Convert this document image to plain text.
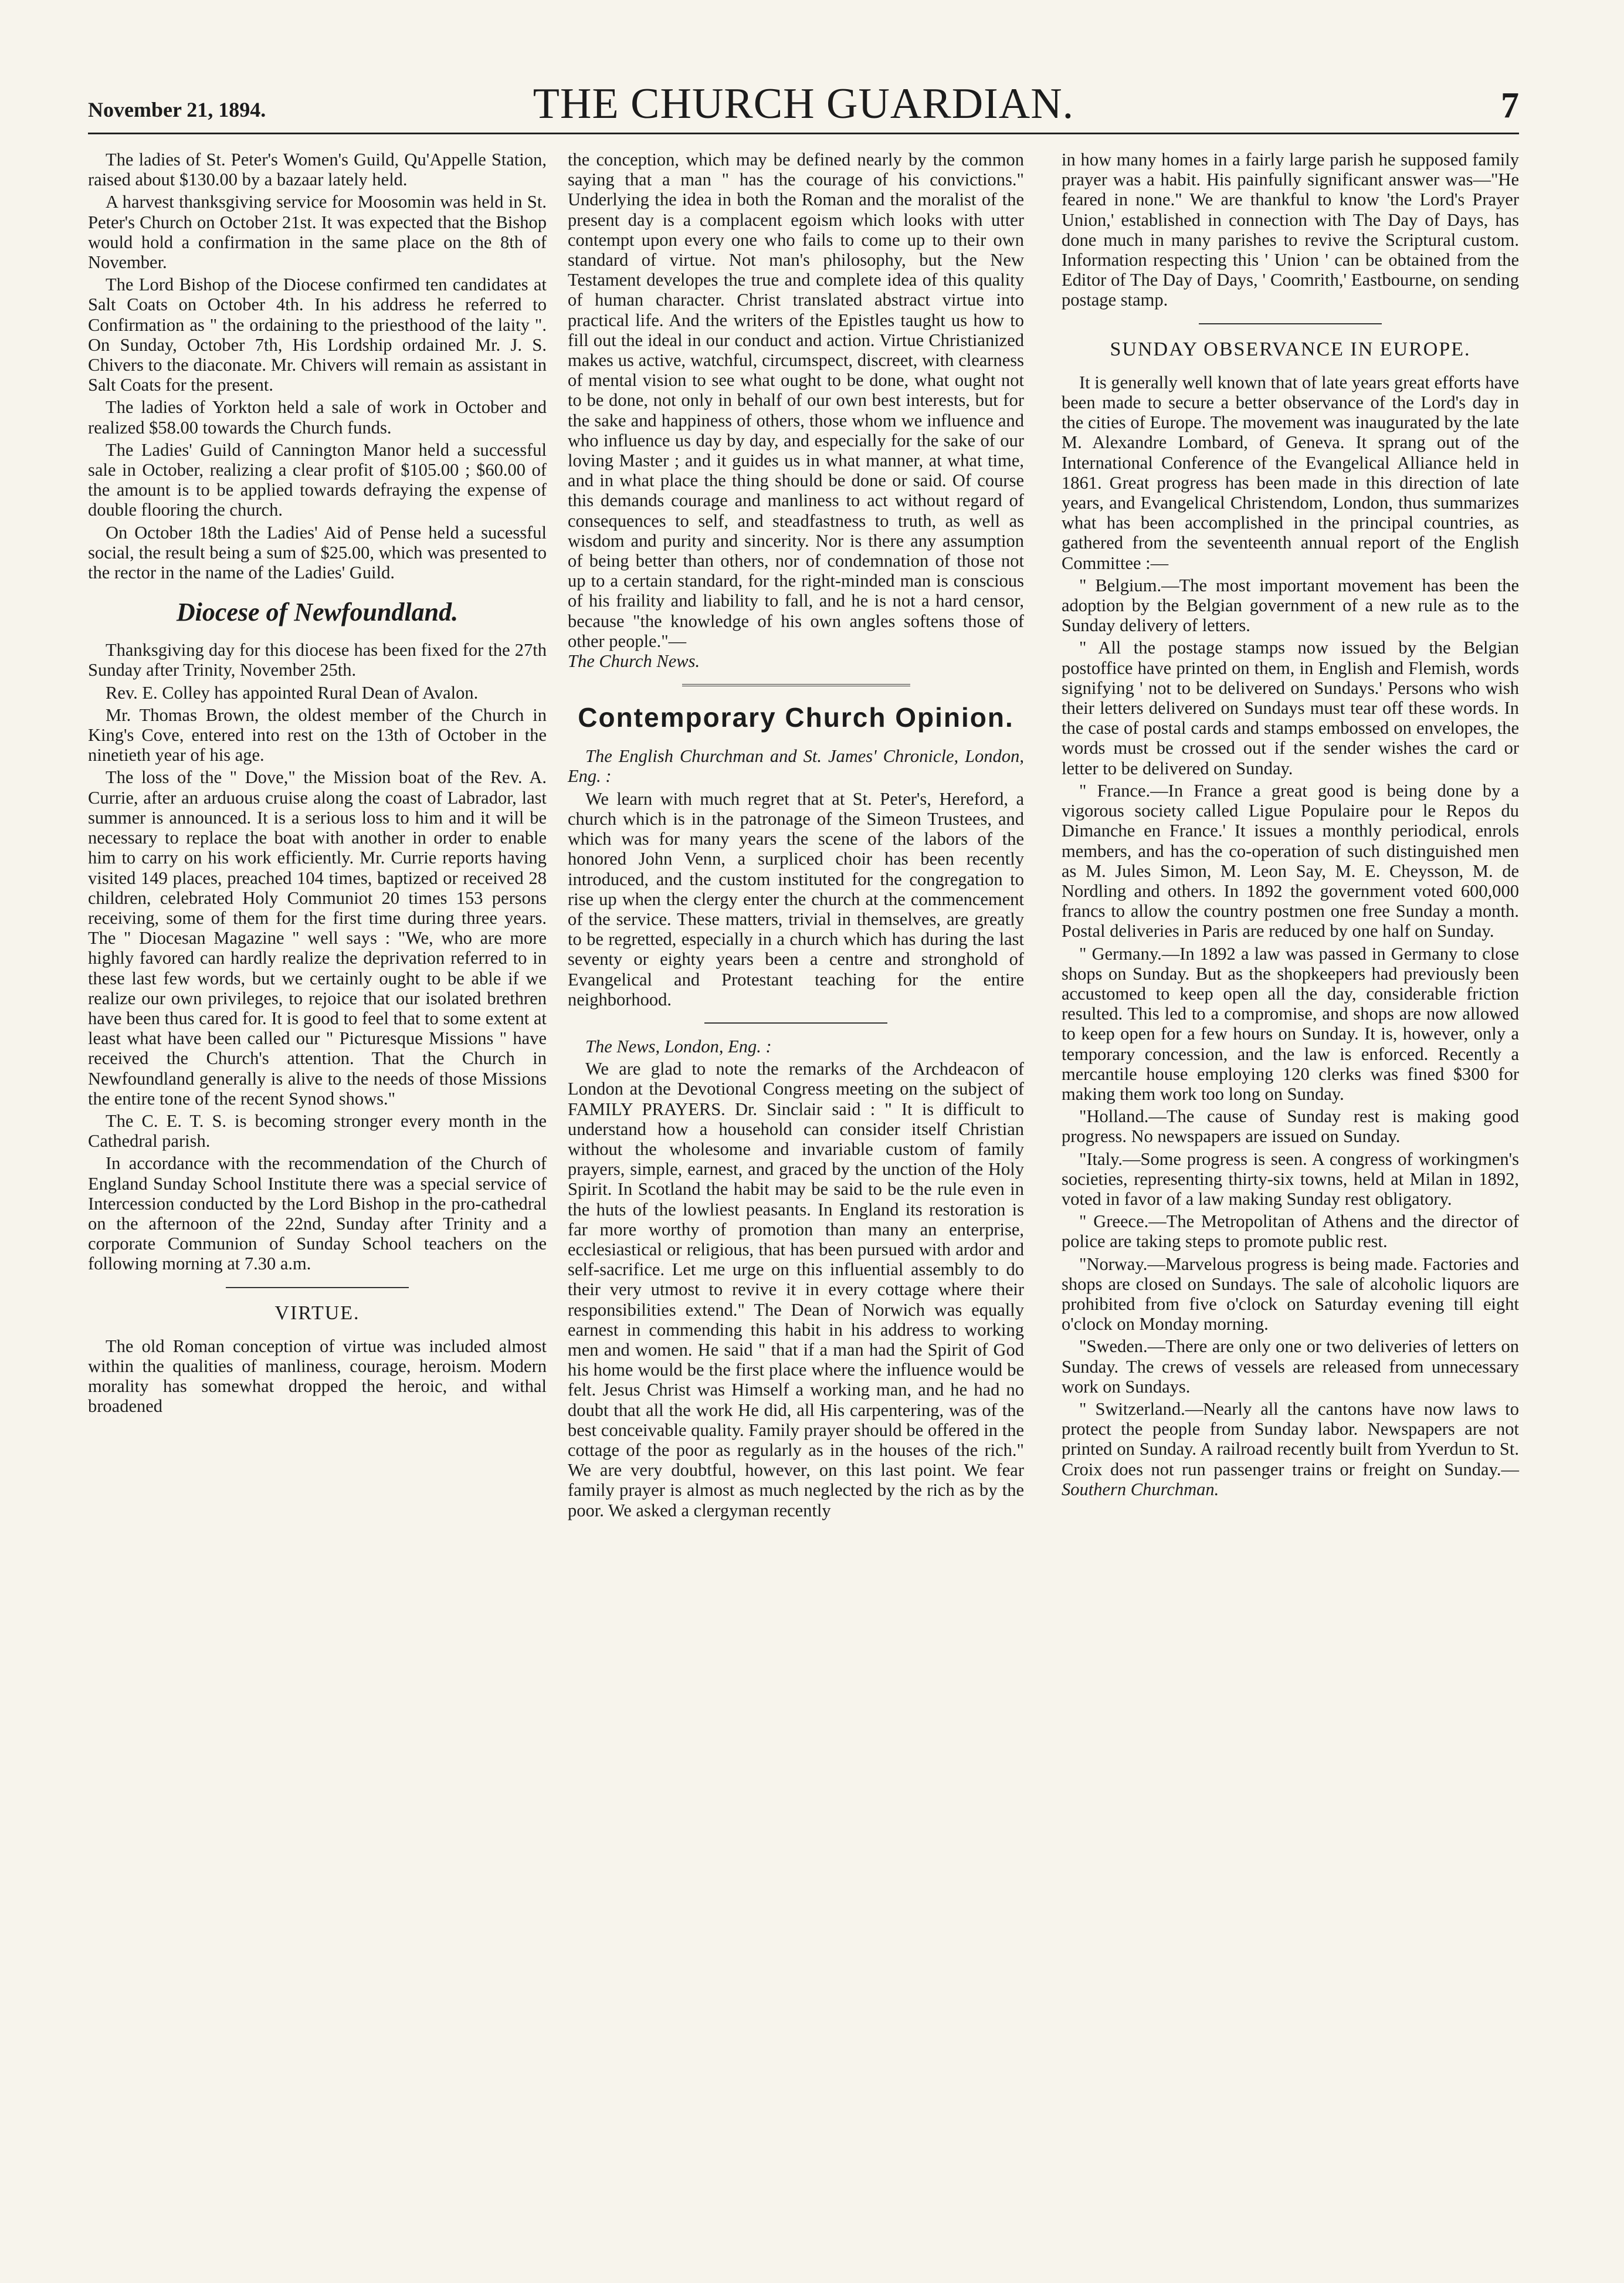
November 21, 1894.	THE CHURCH GUARDIAN.	7

The ladies of St. Peter's Women's Guild, Qu'Appelle Station, raised about $130.00 by a bazaar lately held.

A harvest thanksgiving service for Moosomin was held in St. Peter's Church on October 21st. It was expected that the Bishop would hold a confirmation in the same place on the 8th of November.

The Lord Bishop of the Diocese confirmed ten candidates at Salt Coats on October 4th. In his address he referred to Confirmation as " the ordaining to the priesthood of the laity ". On Sunday, October 7th, His Lordship ordained Mr. J. S. Chivers to the diaconate. Mr. Chivers will remain as assistant in Salt Coats for the present.

The ladies of Yorkton held a sale of work in October and realized $58.00 towards the Church funds.

The Ladies' Guild of Cannington Manor held a successful sale in October, realizing a clear profit of $105.00 ; $60.00 of the amount is to be applied towards defraying the expense of double flooring the church.

On October 18th the Ladies' Aid of Pense held a sucessful social, the result being a sum of $25.00, which was presented to the rector in the name of the Ladies' Guild.

Diocese of Newfoundland.

Thanksgiving day for this diocese has been fixed for the 27th Sunday after Trinity, November 25th.

Rev. E. Colley has appointed Rural Dean of Avalon.

Mr. Thomas Brown, the oldest member of the Church in King's Cove, entered into rest on the 13th of October in the ninetieth year of his age.

The loss of the " Dove," the Mission boat of the Rev. A. Currie, after an arduous cruise along the coast of Labrador, last summer is announced. It is a serious loss to him and it will be necessary to replace the boat with another in order to enable him to carry on his work efficiently. Mr. Currie reports having visited 149 places, preached 104 times, baptized or received 28 children, celebrated Holy Communiot 20 times 153 persons receiving, some of them for the first time during three years. The " Diocesan Magazine " well says : "We, who are more highly favored can hardly realize the deprivation referred to in these last few words, but we certainly ought to be able if we realize our own privileges, to rejoice that our isolated brethren have been thus cared for. It is good to feel that to some extent at least what have been called our " Picturesque Missions " have received the Church's attention. That the Church in Newfoundland generally is alive to the needs of those Missions the entire tone of the recent Synod shows."

The C. E. T. S. is becoming stronger every month in the Cathedral parish.

In accordance with the recommendation of the Church of England Sunday School Institute there was a special service of Intercession conducted by the Lord Bishop in the pro-cathedral on the afternoon of the 22nd, Sunday after Trinity and a corporate Communion of Sunday School teachers on the following morning at 7.30 a.m.

VIRTUE.

The old Roman conception of virtue was included almost within the qualities of manliness, courage, heroism. Modern morality has somewhat dropped the heroic, and withal broadened

the conception, which may be defined nearly by the common saying that a man " has the courage of his convictions." Underlying the idea in both the Roman and the moralist of the present day is a complacent egoism which looks with utter contempt upon every one who fails to come up to their own standard of virtue. Not man's philosophy, but the New Testament developes the true and complete idea of this quality of human character. Christ translated abstract virtue into practical life. And the writers of the Epistles taught us how to fill out the ideal in our conduct and action. Virtue Christianized makes us active, watchful, circumspect, discreet, with clearness of mental vision to see what ought to be done, what ought not to be done, not only in behalf of our own best interests, but for the sake and happiness of others, those whom we influence and who influence us day by day, and especially for the sake of our loving Master ; and it guides us in what manner, at what time, and in what place the thing should be done or said. Of course this demands courage and manliness to act without regard of consequences to self, and steadfastness to truth, as well as wisdom and purity and sincerity. Nor is there any assumption of being better than others, nor of condemnation of those not up to a certain standard, for the right-minded man is conscious of his fraility and liability to fall, and he is not a hard censor, because "the knowledge of his own angles softens those of other people."—
The Church News.

Contemporary Church Opinion.

The English Churchman and St. James' Chronicle, London, Eng. :

We learn with much regret that at St. Peter's, Hereford, a church which is in the patronage of the Simeon Trustees, and which was for many years the scene of the labors of the honored John Venn, a surpliced choir has been recently introduced, and the custom instituted for the congregation to rise up when the clergy enter the church at the commencement of the service. These matters, trivial in themselves, are greatly to be regretted, especially in a church which has during the last seventy or eighty years been a centre and stronghold of Evangelical and Protestant teaching for the entire neighborhood.

The News, London, Eng. :

We are glad to note the remarks of the Archdeacon of London at the Devotional Congress meeting on the subject of FAMILY PRAYERS. Dr. Sinclair said : " It is difficult to understand how a household can consider itself Christian without the wholesome and invariable custom of family prayers, simple, earnest, and graced by the unction of the Holy Spirit. In Scotland the habit may be said to be the rule even in the huts of the lowliest peasants. In England its restoration is far more worthy of promotion than many an enterprise, ecclesiastical or religious, that has been pursued with ardor and self-sacrifice. Let me urge on this influential assembly to do their very utmost to revive it in every cottage where their responsibilities extend." The Dean of Norwich was equally earnest in commending this habit in his address to working men and women. He said " that if a man had the Spirit of God his home would be the first place where the influence would be felt. Jesus Christ was Himself a working man, and he had no doubt that all the work He did, all His carpentering, was of the best conceivable quality. Family prayer should be offered in the cottage of the poor as regularly as in the houses of the rich." We are very doubtful, however, on this last point. We fear family prayer is almost as much neglected by the rich as by the poor. We asked a clergyman recently

in how many homes in a fairly large parish he supposed family prayer was a habit. His painfully significant answer was—"He feared in none." We are thankful to know 'the Lord's Prayer Union,' established in connection with The Day of Days, has done much in many parishes to revive the Scriptural custom. Information respecting this ' Union ' can be obtained from the Editor of The Day of Days, ' Coomrith,' Eastbourne, on sending postage stamp.

SUNDAY OBSERVANCE IN EUROPE.

It is generally well known that of late years great efforts have been made to secure a better observance of the Lord's day in the cities of Europe. The movement was inaugurated by the late M. Alexandre Lombard, of Geneva. It sprang out of the International Conference of the Evangelical Alliance held in 1861. Great progress has been made in this direction of late years, and Evangelical Christendom, London, thus summarizes what has been accomplished in the principal countries, as gathered from the seventeenth annual report of the English Committee :—

" Belgium.—The most important movement has been the adoption by the Belgian government of a new rule as to the Sunday delivery of letters.

" All the postage stamps now issued by the Belgian postoffice have printed on them, in English and Flemish, words signifying ' not to be delivered on Sundays.' Persons who wish their letters delivered on Sundays must tear off these words. In the case of postal cards and stamps embossed on envelopes, the words must be crossed out if the sender wishes the card or letter to be delivered on Sunday.

" France.—In France a great good is being done by a vigorous society called Ligue Populaire pour le Repos du Dimanche en France.' It issues a monthly periodical, enrols members, and has the co-operation of such distinguished men as M. Jules Simon, M. Leon Say, M. E. Cheysson, M. de Nordling and others. In 1892 the government voted 600,000 francs to allow the country postmen one free Sunday a month. Postal deliveries in Paris are reduced by one half on Sunday.

" Germany.—In 1892 a law was passed in Germany to close shops on Sunday. But as the shopkeepers had previously been accustomed to keep open all the day, considerable friction resulted. This led to a compromise, and shops are now allowed to keep open for a few hours on Sunday. It is, however, only a temporary concession, and the law is enforced. Recently a mercantile house employing 120 clerks was fined $300 for making them work too long on Sunday.

"Holland.—The cause of Sunday rest is making good progress. No newspapers are issued on Sunday.

"Italy.—Some progress is seen. A congress of workingmen's societies, representing thirty-six towns, held at Milan in 1892, voted in favor of a law making Sunday rest obligatory.

" Greece.—The Metropolitan of Athens and the director of police are taking steps to promote public rest.

"Norway.—Marvelous progress is being made. Factories and shops are closed on Sundays. The sale of alcoholic liquors are prohibited from five o'clock on Saturday evening till eight o'clock on Monday morning.

"Sweden.—There are only one or two deliveries of letters on Sunday. The crews of vessels are released from unnecessary work on Sundays.

" Switzerland.—Nearly all the cantons have now laws to protect the people from Sunday labor. Newspapers are not printed on Sunday. A railroad recently built from Yverdun to St. Croix does not run passenger trains or freight on Sunday.—Southern Churchman.
